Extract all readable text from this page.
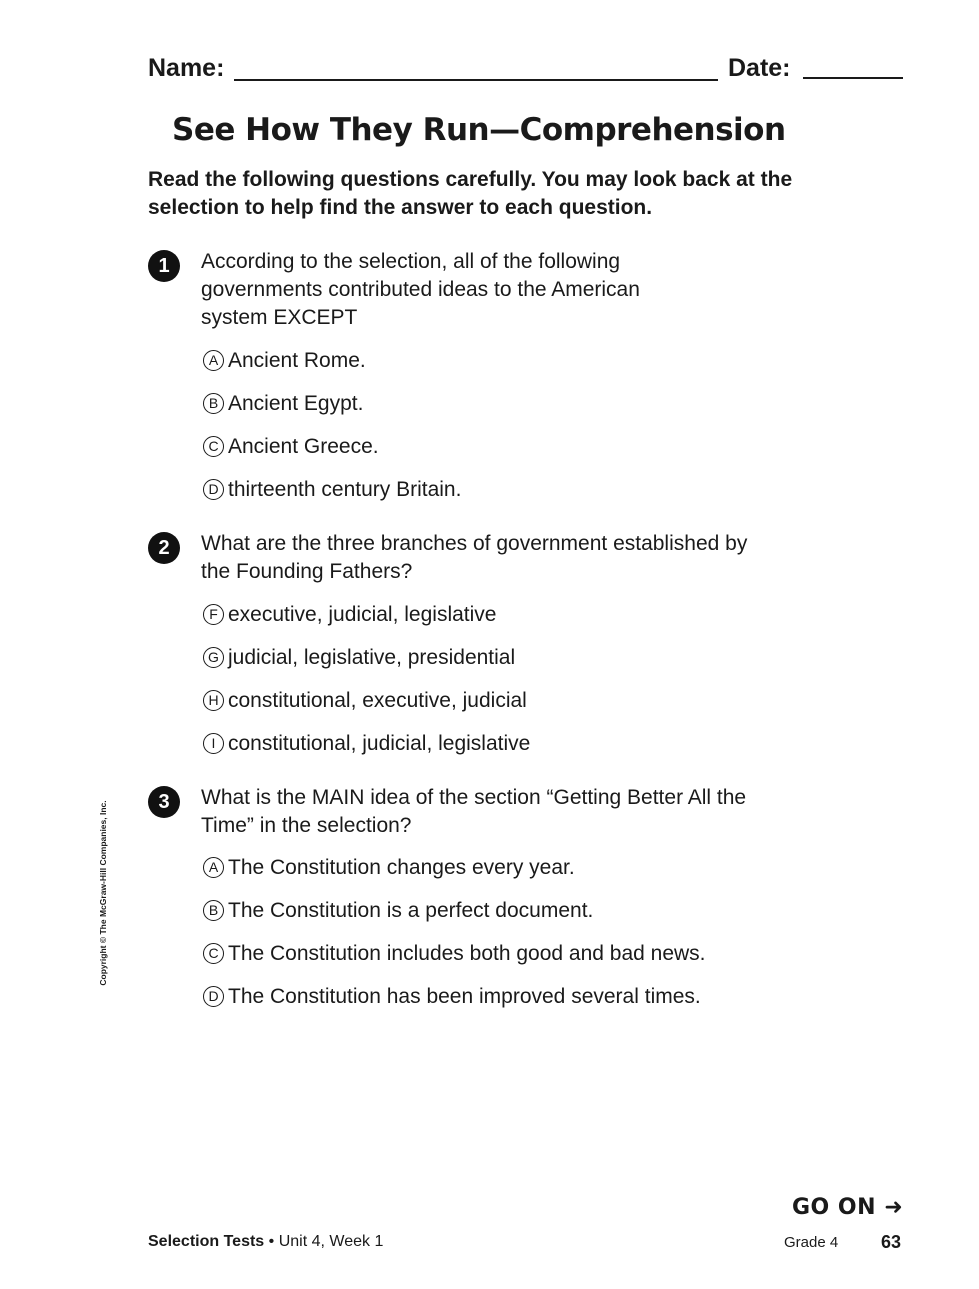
Name:	Date:
See How They Run—Comprehension

Read the following questions carefully. You may look back at the selection to help find the answer to each question.

1	According to the selection, all of the following governments contributed ideas to the American system EXCEPT

A Ancient Rome.
B Ancient Egypt.
C Ancient Greece.
D thirteenth century Britain.
2	What are the three branches of government established by the Founding Fathers?

F executive, judicial, legislative
G judicial, legislative, presidential
H constitutional, executive, judicial
I constitutional, judicial, legislative
3	What is the MAIN idea of the section “Getting Better All the Time” in the selection?

A The Constitution changes every year.
B The Constitution is a perfect document.
C The Constitution includes both good and bad news.
D The Constitution has been improved several times.
Copyright © The McGraw-Hill Companies, Inc.
GO ON ➜
Selection Tests • Unit 4, Week 1	Grade 4 63
